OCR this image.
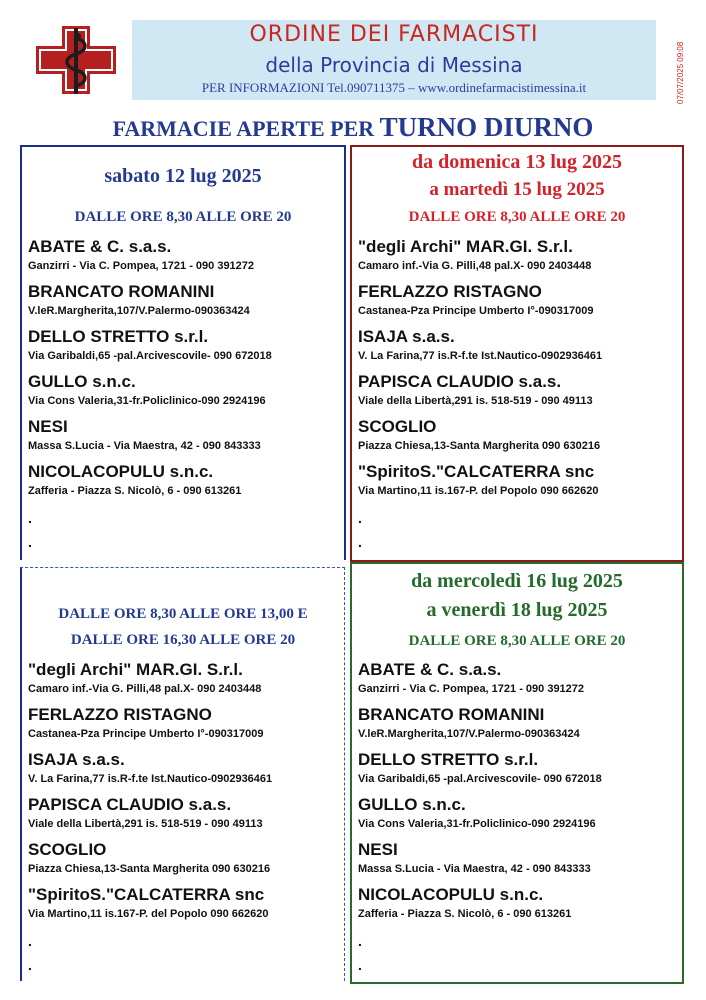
ORDINE DEI FARMACISTI
della Provincia di Messina
PER INFORMAZIONI Tel.090711375 – www.ordinefarmacistimessina.it	07/07/2025 09:08
FARMACIE APERTE PER TURNO DIURNO
sabato 12 lug 2025
DALLE ORE 8,30 ALLE ORE 20
ABATE & C. s.a.s.
Ganzirri - Via C. Pompea, 1721 - 090 391272
BRANCATO ROMANINI
V.leR.Margherita,107/V.Palermo-090363424
DELLO STRETTO s.r.l.
Via Garibaldi,65 -pal.Arcivescovile- 090 672018
GULLO s.n.c.
Via Cons Valeria,31-fr.Policlinico-090 2924196
NESI
Massa S.Lucia - Via Maestra, 42 - 090 843333
NICOLACOPULU s.n.c.
Zafferia - Piazza S. Nicolò, 6 - 090 613261
.
.
da domenica 13 lug 2025
a martedì 15 lug 2025
DALLE ORE 8,30 ALLE ORE 20
"degli Archi" MAR.GI. S.r.l.
Camaro inf.-Via G. Pilli,48 pal.X- 090 2403448
FERLAZZO RISTAGNO
Castanea-Pza Principe Umberto I°-090317009
ISAJA s.a.s.
V. La Farina,77 is.R-f.te Ist.Nautico-0902936461
PAPISCA CLAUDIO s.a.s.
Viale della Libertà,291 is. 518-519 - 090 49113
SCOGLIO
Piazza Chiesa,13-Santa Margherita 090 630216
"SpiritoS."CALCATERRA snc
Via Martino,11 is.167-P. del Popolo 090 662620
.
.
DALLE ORE 8,30 ALLE ORE 13,00 E
DALLE ORE 16,30 ALLE ORE 20
"degli Archi" MAR.GI. S.r.l.
Camaro inf.-Via G. Pilli,48 pal.X- 090 2403448
FERLAZZO RISTAGNO
Castanea-Pza Principe Umberto I°-090317009
ISAJA s.a.s.
V. La Farina,77 is.R-f.te Ist.Nautico-0902936461
PAPISCA CLAUDIO s.a.s.
Viale della Libertà,291 is. 518-519 - 090 49113
SCOGLIO
Piazza Chiesa,13-Santa Margherita 090 630216
"SpiritoS."CALCATERRA snc
Via Martino,11 is.167-P. del Popolo 090 662620
.
.
da mercoledì 16 lug 2025
a venerdì 18 lug 2025
DALLE ORE 8,30 ALLE ORE 20
ABATE & C. s.a.s.
Ganzirri - Via C. Pompea, 1721 - 090 391272
BRANCATO ROMANINI
V.leR.Margherita,107/V.Palermo-090363424
DELLO STRETTO s.r.l.
Via Garibaldi,65 -pal.Arcivescovile- 090 672018
GULLO s.n.c.
Via Cons Valeria,31-fr.Policlinico-090 2924196
NESI
Massa S.Lucia - Via Maestra, 42 - 090 843333
NICOLACOPULU s.n.c.
Zafferia - Piazza S. Nicolò, 6 - 090 613261
.
.
